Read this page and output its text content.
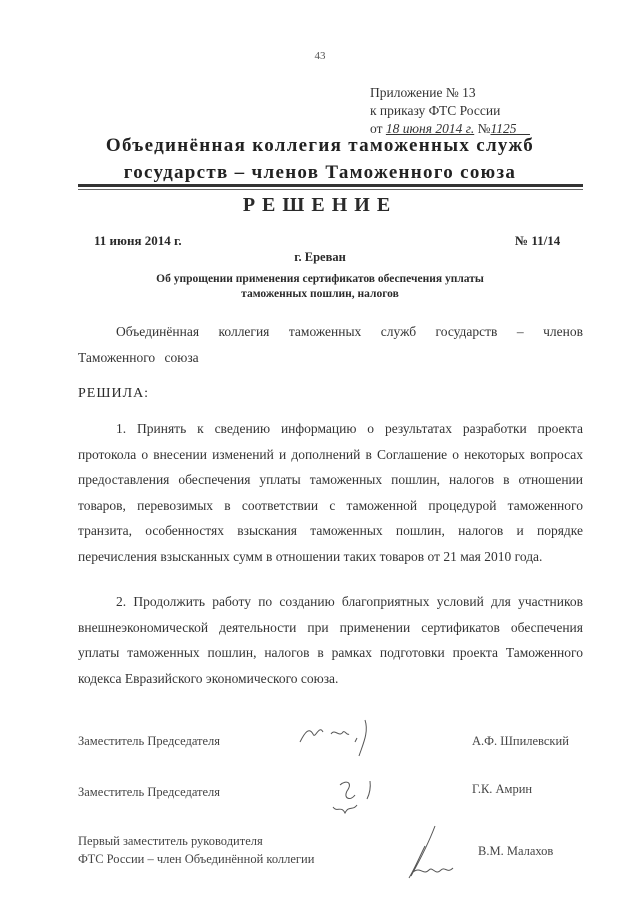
43
Приложение № 13
к приказу ФТС России
от 18 июня 2014 г. №1125
Объединённая коллегия таможенных служб
государств – членов Таможенного союза
РЕШЕНИЕ
11 июня 2014 г.	№ 11/14
г. Ереван
Об упрощении применения сертификатов обеспечения уплаты
таможенных пошлин, налогов
Объединённая коллегия таможенных служб государств – членов Таможенного союза
РЕШИЛА:
1. Принять к сведению информацию о результатах разработки проекта протокола о внесении изменений и дополнений в Соглашение о некоторых вопросах предоставления обеспечения уплаты таможенных пошлин, налогов в отношении товаров, перевозимых в соответствии с таможенной процедурой таможенного транзита, особенностях взыскания таможенных пошлин, налогов и порядке перечисления взысканных сумм в отношении таких товаров от 21 мая 2010 года.
2. Продолжить работу по созданию благоприятных условий для участников внешнеэкономической деятельности при применении сертификатов обеспечения уплаты таможенных пошлин, налогов в рамках подготовки проекта Таможенного кодекса Евразийского экономического союза.
Заместитель Председателя	А.Ф. Шпилевский
Заместитель Председателя	Г.К. Амрин
Первый заместитель руководителя
ФТС России – член Объединённой коллегии
В.М. Малахов
